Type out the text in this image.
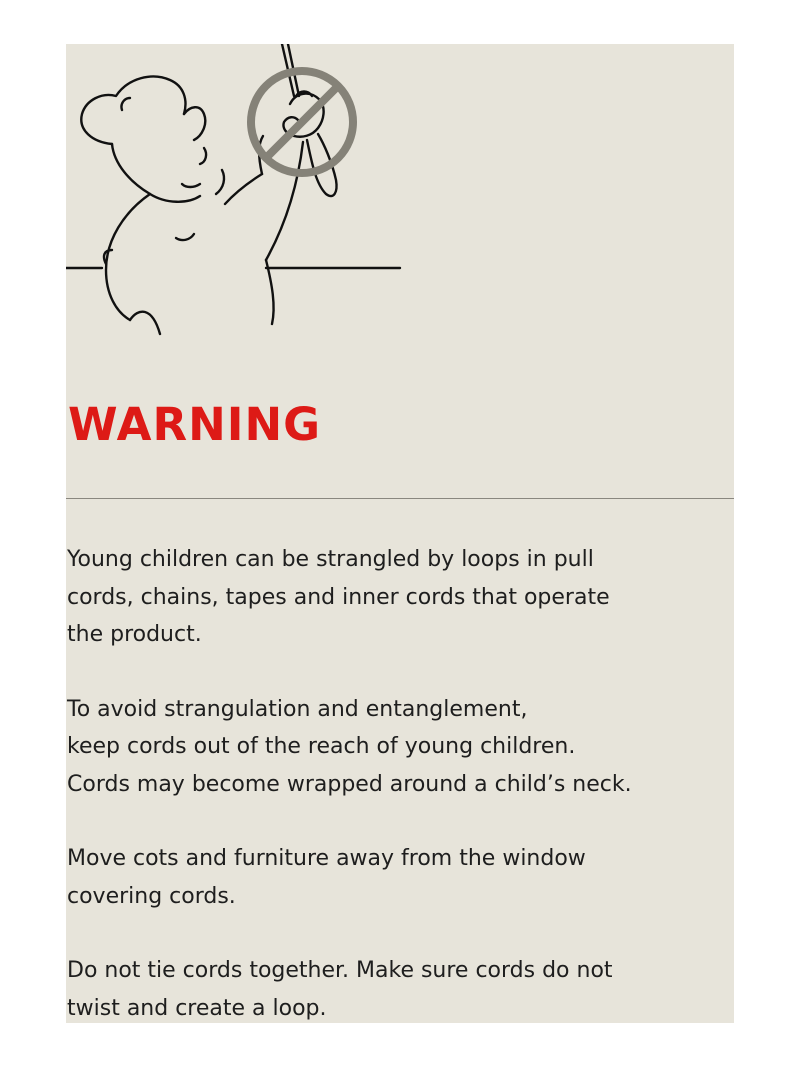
WARNING

Young children can be strangled by loops in pull
cords, chains, tapes and inner cords that operate
the product.

To avoid strangulation and entanglement,
keep cords out of the reach of young children.
Cords may become wrapped around a child’s neck.

Move cots and furniture away from the window
covering cords.

Do not tie cords together. Make sure cords do not
twist and create a loop.
